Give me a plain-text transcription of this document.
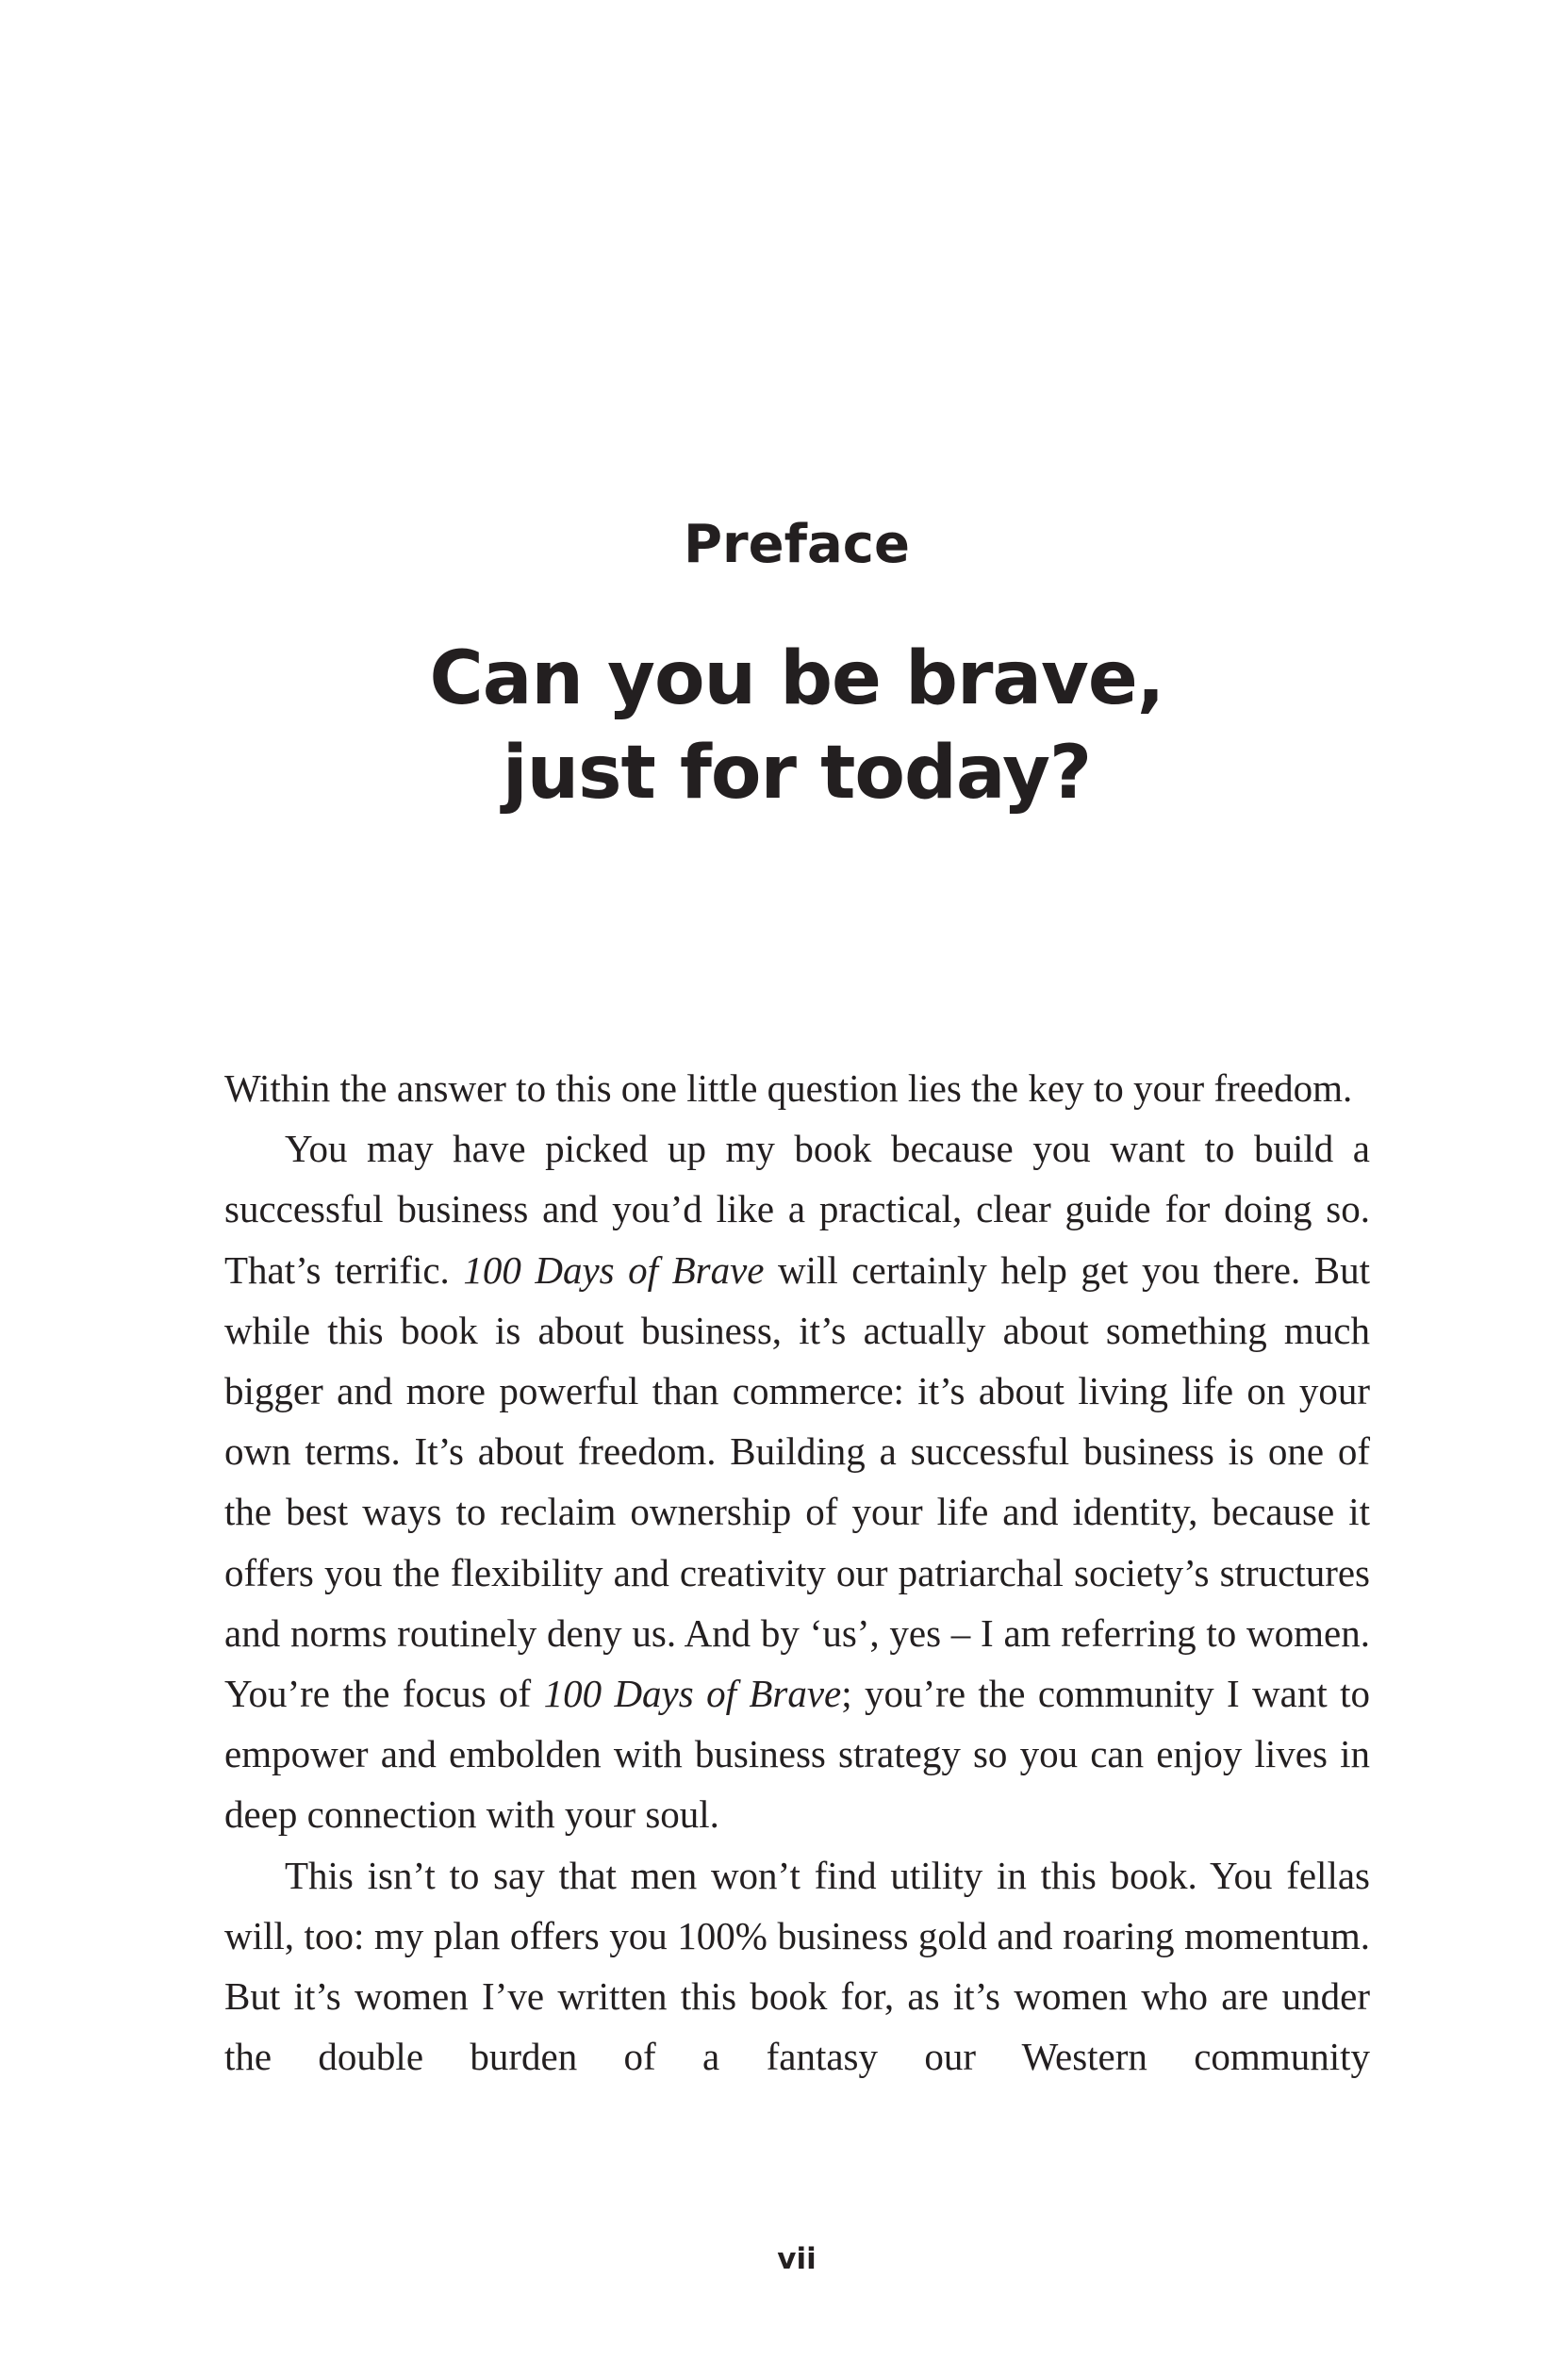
Preface
Can you be brave,
just for today?

Within the answer to this one little question lies the key to your freedom.

You may have picked up my book because you want to build a successful business and you’d like a practical, clear guide for doing so. That’s terrific. 100 Days of Brave will certainly help get you there. But while this book is about business, it’s actually about something much bigger and more powerful than commerce: it’s about living life on your own terms. It’s about freedom. Building a successful business is one of the best ways to reclaim ownership of your life and identity, because it offers you the flexibility and creativity our patriarchal society’s structures and norms routinely deny us. And by ‘us’, yes – I am referring to women. You’re the focus of 100 Days of Brave; you’re the community I want to empower and embolden with business strategy so you can enjoy lives in deep connection with your soul.

This isn’t to say that men won’t find utility in this book. You fellas will, too: my plan offers you 100% business gold and roaring momentum. But it’s women I’ve written this book for, as it’s women who are under the double burden of a fantasy our Western community

vii
